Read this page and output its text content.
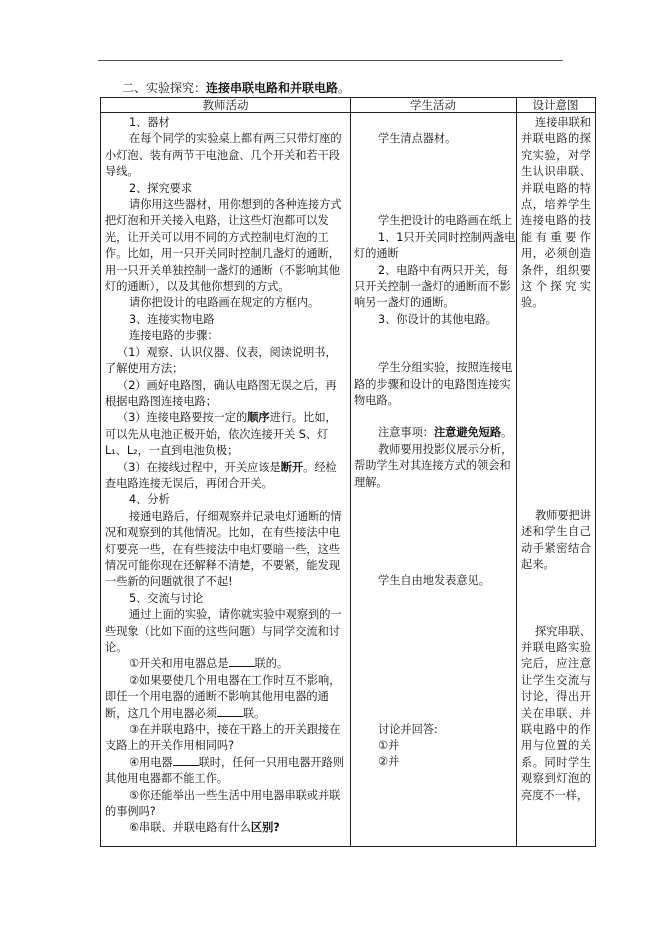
二、实验探究：连接串联电路和并联电路。
教师活动	学生活动	设计意图

1、器材

在每个同学的实验桌上都有两三只带灯座的小灯泡、装有两节干电池盒、几个开关和若干段导线。

2、探究要求

请你用这些器材，用你想到的各种连接方式把灯泡和开关接入电路，让这些灯泡都可以发光，让开关可以用不同的方式控制电灯泡的工作。比如，用一只开关同时控制几盏灯的通断，用一只开关单独控制一盏灯的通断（不影响其他灯的通断），以及其他你想到的方式。

请你把设计的电路画在规定的方框内。

3、连接实物电路

连接电路的步骤：

（1）观察、认识仪器、仪表，阅读说明书，了解使用方法；

（2）画好电路图，确认电路图无误之后，再根据电路图连接电路；

（3）连接电路要按一定的顺序进行。比如，可以先从电池正极开始，依次连接开关 S、灯 L₁、L₂，一直到电池负极；

（3）在接线过程中，开关应该是断开。经检查电路连接无误后，再闭合开关。

4、分析

接通电路后，仔细观察并记录电灯通断的情况和观察到的其他情况。比如，在有些接法中电灯要亮一些，在有些接法中电灯要暗一些，这些情况可能你现在还解释不清楚，不要紧，能发现一些新的问题就很了不起!

5、交流与讨论

通过上面的实验，请你就实验中观察到的一些现象（比如下面的这些问题）与同学交流和讨论。

①开关和用电器总是 联的。

②如果要使几个用电器在工作时互不影响，即任一个用电器的通断不影响其他用电器的通断，这几个用电器必须 联。

③在并联电路中，接在干路上的开关跟接在支路上的开关作用相同吗?

④用电器 联时，任何一只用电器开路则其他用电器都不能工作。

⑤你还能举出一些生活中用电器串联或并联的事例吗?

⑥串联、并联电路有什么区别?

学生清点器材。

学生把设计的电路画在纸上

1、1只开关同时控制两盏电灯的通断

2、电路中有两只开关，每只开关控制一盏灯的通断而不影响另一盏灯的通断。

3、你设计的其他电路。

学生分组实验，按照连接电路的步骤和设计的电路图连接实物电路。

注意事项：注意避免短路。

教师要用投影仪展示分析，帮助学生对其连接方式的领会和理解。

学生自由地发表意见。

讨论并回答:

①并

②并

连接串联和并联电路的探究实验，对学生认识串联、并联电路的特点，培养学生连接电路的技能有重要作用，必须创造条件，组织要这个探究实验。

教师要把讲述和学生自己动手紧密结合起来。

探究串联、并联电路实验完后，应注意让学生交流与讨论，得出开关在串联、并联电路中的作用与位置的关系。同时学生观察到灯泡的亮度不一样，
